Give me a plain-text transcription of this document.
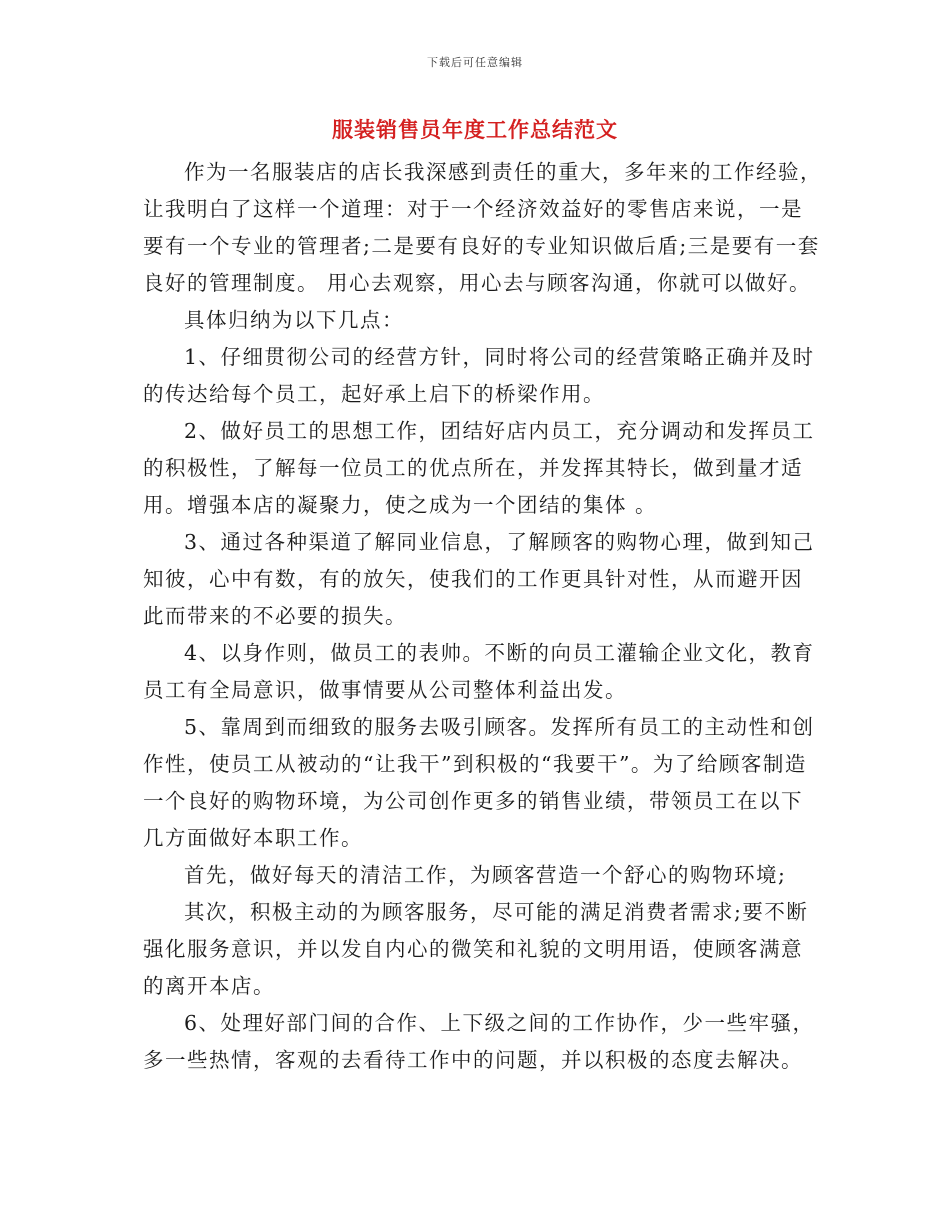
下载后可任意编辑
服装销售员年度工作总结范文

作为一名服装店的店长我深感到责任的重大，多年来的工作经验，让我明白了这样一个道理：对于一个经济效益好的零售店来说，一是要有一个专业的管理者;二是要有良好的专业知识做后盾;三是要有一套良好的管理制度。 用心去观察，用心去与顾客沟通，你就可以做好。

具体归纳为以下几点：

1、仔细贯彻公司的经营方针，同时将公司的经营策略正确并及时的传达给每个员工，起好承上启下的桥梁作用。

2、做好员工的思想工作，团结好店内员工，充分调动和发挥员工的积极性，了解每一位员工的优点所在，并发挥其特长，做到量才适用。增强本店的凝聚力，使之成为一个团结的集体 。

3、通过各种渠道了解同业信息，了解顾客的购物心理，做到知己知彼，心中有数，有的放矢，使我们的工作更具针对性，从而避开因此而带来的不必要的损失。

4、以身作则，做员工的表帅。不断的向员工灌输企业文化，教育员工有全局意识，做事情要从公司整体利益出发。

5、靠周到而细致的服务去吸引顾客。发挥所有员工的主动性和创作性，使员工从被动的“让我干”到积极的“我要干”。为了给顾客制造一个良好的购物环境，为公司创作更多的销售业绩，带领员工在以下几方面做好本职工作。

首先，做好每天的清洁工作，为顾客营造一个舒心的购物环境;

其次，积极主动的为顾客服务，尽可能的满足消费者需求;要不断强化服务意识，并以发自内心的微笑和礼貌的文明用语，使顾客满意的离开本店。

6、处理好部门间的合作、上下级之间的工作协作，少一些牢骚，多一些热情，客观的去看待工作中的问题，并以积极的态度去解决。
